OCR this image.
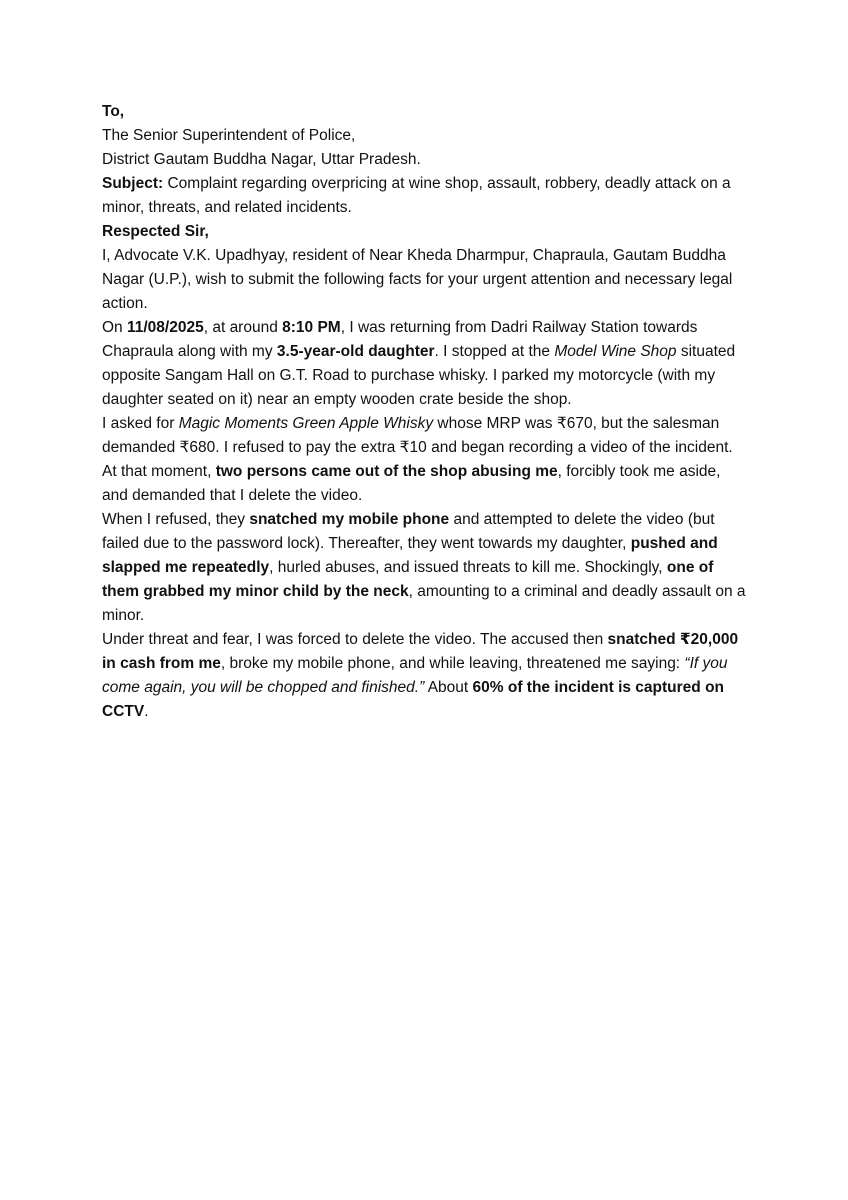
To,
The Senior Superintendent of Police,
District Gautam Buddha Nagar, Uttar Pradesh.

Subject: Complaint regarding overpricing at wine shop, assault, robbery, deadly attack on a minor, threats, and related incidents.

Respected Sir,

I, Advocate V.K. Upadhyay, resident of Near Kheda Dharmpur, Chapraula, Gautam Buddha Nagar (U.P.), wish to submit the following facts for your urgent attention and necessary legal action.

On 11/08/2025, at around 8:10 PM, I was returning from Dadri Railway Station towards Chapraula along with my 3.5-year-old daughter. I stopped at the Model Wine Shop situated opposite Sangam Hall on G.T. Road to purchase whisky. I parked my motorcycle (with my daughter seated on it) near an empty wooden crate beside the shop.

I asked for Magic Moments Green Apple Whisky whose MRP was ₹670, but the salesman demanded ₹680. I refused to pay the extra ₹10 and began recording a video of the incident. At that moment, two persons came out of the shop abusing me, forcibly took me aside, and demanded that I delete the video.

When I refused, they snatched my mobile phone and attempted to delete the video (but failed due to the password lock). Thereafter, they went towards my daughter, pushed and slapped me repeatedly, hurled abuses, and issued threats to kill me. Shockingly, one of them grabbed my minor child by the neck, amounting to a criminal and deadly assault on a minor.

Under threat and fear, I was forced to delete the video. The accused then snatched ₹20,000 in cash from me, broke my mobile phone, and while leaving, threatened me saying: “If you come again, you will be chopped and finished.” About 60% of the incident is captured on CCTV.
